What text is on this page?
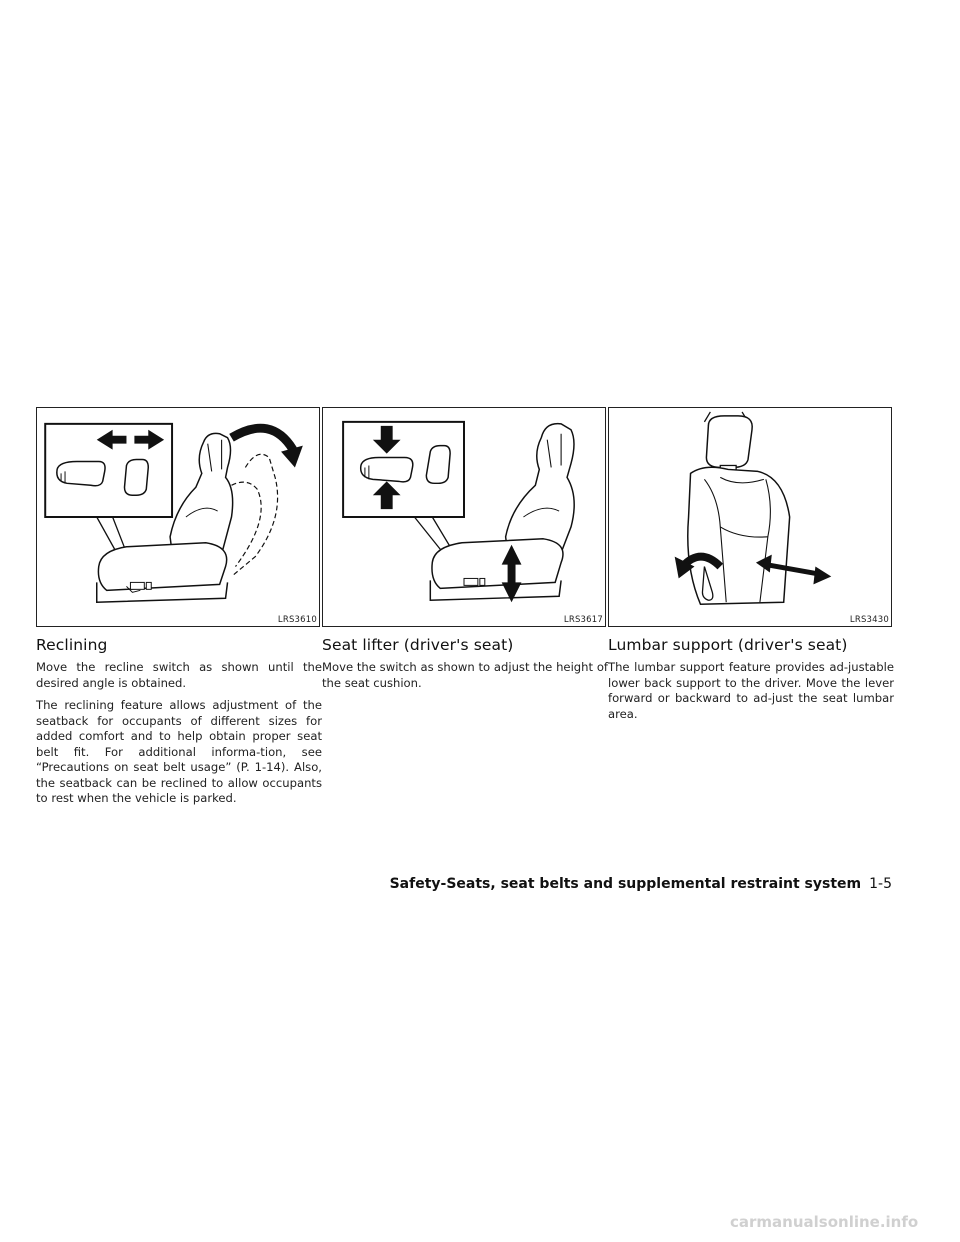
LRS3610
Reclining

Move the recline switch as shown until the desired angle is obtained.

The reclining feature allows adjustment of the seatback for occupants of different sizes for added comfort and to help obtain proper seat belt fit. For additional informa-tion, see “Precautions on seat belt usage” (P. 1-14). Also, the seatback can be reclined to allow occupants to rest when the vehicle is parked.

LRS3617
Seat lifter (driver's seat)

Move the switch as shown to adjust the height of the seat cushion.

LRS3430
Lumbar support (driver's seat)

The lumbar support feature provides ad-justable lower back support to the driver. Move the lever forward or backward to ad-just the seat lumbar area.

Safety-Seats, seat belts and supplemental restraint system 1-5
carmanualsonline.info
